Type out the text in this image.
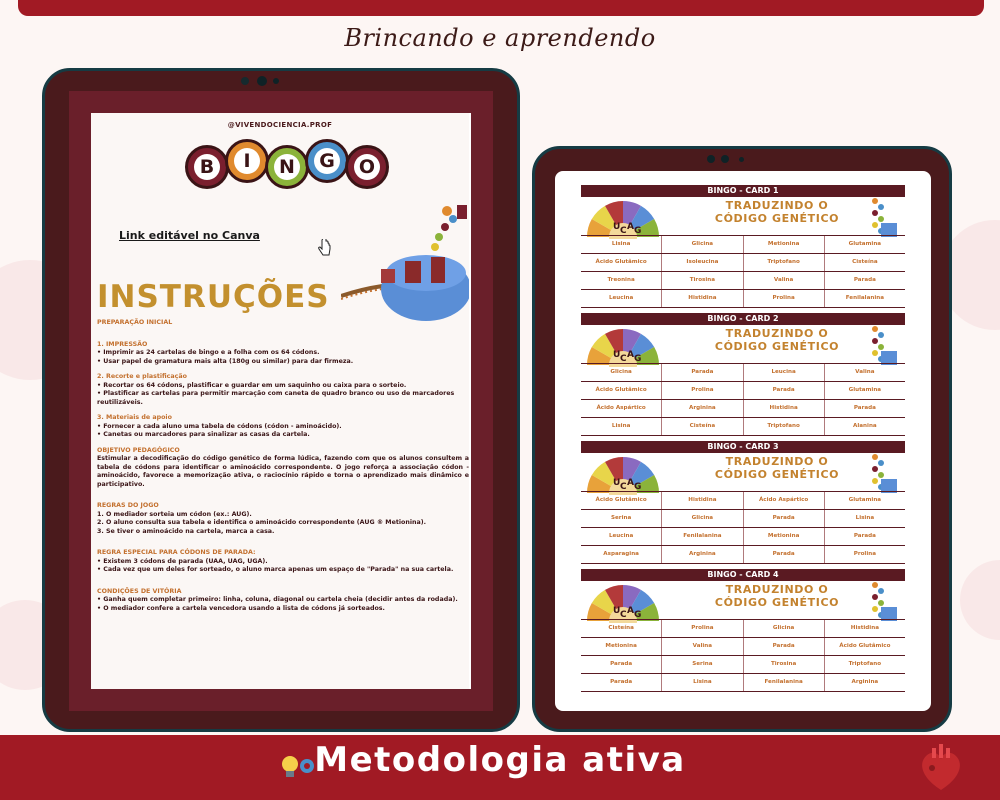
Brincando e aprendendo
@VIVENDOCIENCIA.PROF
B	I	N G O
Link editável no Canva
INSTRUÇÕES
PREPARAÇÃO INICIAL
1. IMPRESSÃO
• Imprimir as 24 cartelas de bingo e a folha com os 64 códons.
• Usar papel de gramatura mais alta (180g ou similar) para dar firmeza.
2. Recorte e plastificação
• Recortar os 64 códons, plastificar e guardar em um saquinho ou caixa para o sorteio.
• Plastificar as cartelas para permitir marcação com caneta de quadro branco ou uso de marcadores reutilizáveis.
3. Materiais de apoio
• Fornecer a cada aluno uma tabela de códons (códon - aminoácido).
• Canetas ou marcadores para sinalizar as casas da cartela.
OBJETIVO PEDAGÓGICO
Estimular a decodificação do código genético de forma lúdica, fazendo com que os alunos consultem a tabela de códons para identificar o aminoácido correspondente. O jogo reforça a associação códon - aminoácido, favorece a memorização ativa, o raciocínio rápido e torna o aprendizado mais dinâmico e participativo.
REGRAS DO JOGO
1. O mediador sorteia um códon (ex.: AUG).
2. O aluno consulta sua tabela e identifica o aminoácido correspondente (AUG ® Metionina).
3. Se tiver o aminoácido na cartela, marca a casa.
REGRA ESPECIAL PARA CÓDONS DE PARADA:
• Existem 3 códons de parada (UAA, UAG, UGA).
• Cada vez que um deles for sorteado, o aluno marca apenas um espaço de "Parada" na sua cartela.
CONDIÇÕES DE VITÓRIA
• Ganha quem completar primeiro: linha, coluna, diagonal ou cartela cheia (decidir antes da rodada).
• O mediador confere a cartela vencedora usando a lista de códons já sorteados.
BINGO - CARD 1
U C A G
TRADUZINDO O
CÓDIGO GENÉTICO
Lisina	Glicina	Metionina	Glutamina
Ácido Glutâmico	Isoleucina	Triptofano	Cisteína
Treonina	Tirosina	Valina	Parada
Leucina	Histidina	Prolina	Fenilalanina
BINGO - CARD 2
U C A G
TRADUZINDO O
CÓDIGO GENÉTICO
Glicina	Parada	Leucina	Valina
Ácido Glutâmico	Prolina	Parada	Glutamina
Ácido Aspártico	Arginina	Histidina	Parada
Lisina	Cisteína	Triptofano	Alanina
BINGO - CARD 3
U C A G
TRADUZINDO O
CÓDIGO GENÉTICO
Ácido Glutâmico	Histidina	Ácido Aspártico	Glutamina
Serina	Glicina	Parada	Lisina
Leucina	Fenilalanina	Metionina	Parada
Asparagina	Arginina	Parada	Prolina
BINGO - CARD 4
U C A G
TRADUZINDO O
CÓDIGO GENÉTICO
Cisteína	Prolina	Glicina	Histidina
Metionina	Valina	Parada	Ácido Glutâmico
Parada	Serina	Tirosina	Triptofano
Parada	Lisina	Fenilalanina	Arginina
Metodologia ativa
